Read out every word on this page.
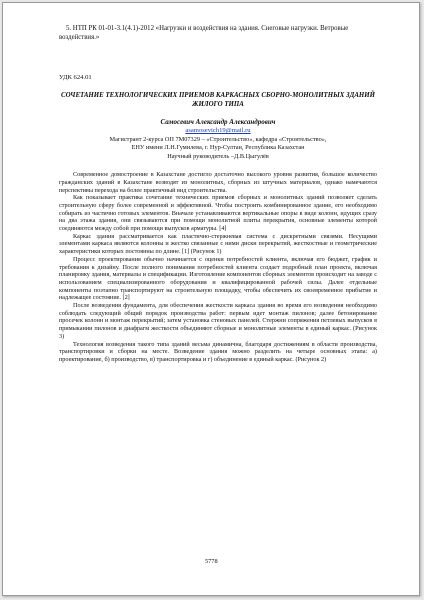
5. НТП РК 01-01-3.1(4.1)-2012 «Нагрузки и воздействия на здания. Снеговые нагрузки. Ветровые воздействия.»

УДК 624.01

СОЧЕТАНИЕ ТЕХНОЛОГИЧЕСКИХ ПРИЕМОВ КАРКАСНЫХ СБОРНО-МОНОЛИТНЫХ ЗДАНИЙ ЖИЛОГО ТИПА

Самосевич Александр Александрович

asamosevich19@mail.ru

Магистрант 2-курса ОП 7М07329 – «Строительство», кафедра «Строительство»,
ЕНУ имени Л.Н.Гумилева, г. Нур-Султан, Республика Казахстан
Научный руководитель –Д.В.Цыгулёв

Современное домостроение в Казахстане достигло достаточно высокого уровня развития, большое количество гражданских зданий в Казахстане возводят из монолитных, сборных из штучных материалов, однако намечаются перспективы перехода на более практичный вид строительства.

Как показывает практика сочетание технических приемов сборных и монолитных зданий позволяет сделать строительную сферу более современной и эффективной. Чтобы построить комбинированное здание, его необходимо собирать из частично готовых элементов. Вначале устанавливаются вертикальные опоры в виде колонн, идущих сразу на два этажа здания, они связываются при помощи монолитной плиты перекрытия, основные элементы которой соединяются между собой при помощи выпусков арматуры. [4]

Каркас здания рассматривается как пластично-стержневая система с дискретными связями. Несущими элементами каркаса являются колонны и жестко связанные с ними диски перекрытий, жесткостные и геометрические характеристики которых постоянны по длине. [1] (Рисунок 1)

Процесс проектирования обычно начинается с оценки потребностей клиента, включая его бюджет, график и требования к дизайну. После полного понимания потребностей клиента создает подробный план проекта, включая планировку здания, материалы и спецификации. Изготовление компонентов сборных элементов происходит на заводе с использованием специализированного оборудования и квалифицированной рабочей силы. Далее отдельные компоненты поэтапно транспортируют на строительную площадку, чтобы обеспечить их своевременное прибытие и надлежащее состояние. [2]

После возведения фундамента, для обеспечения жесткости каркаса здания во время его возведения необходимо соблюдать следующий общий порядок производства работ: первым идет монтаж пилонов; далее бетонирование просечек колонн и монтаж перекрытий; затем установка стеновых панелей. Стержни сопряжения петлевых выпусков в примыкании пилонов и диафрагм жесткости объединяют сборные и монолитные элементы в единый каркас. (Рисунок 3)

Технология возведения такого типа зданий весьма динамична, благодаря достижениям в области производства, транспортировки и сборки на месте. Возведение здания можно разделить на четыре основных этапа: а) проектирование, б) производство, в) транспортировка и г) объединение в единый каркас. (Рисунок 2)

5778
